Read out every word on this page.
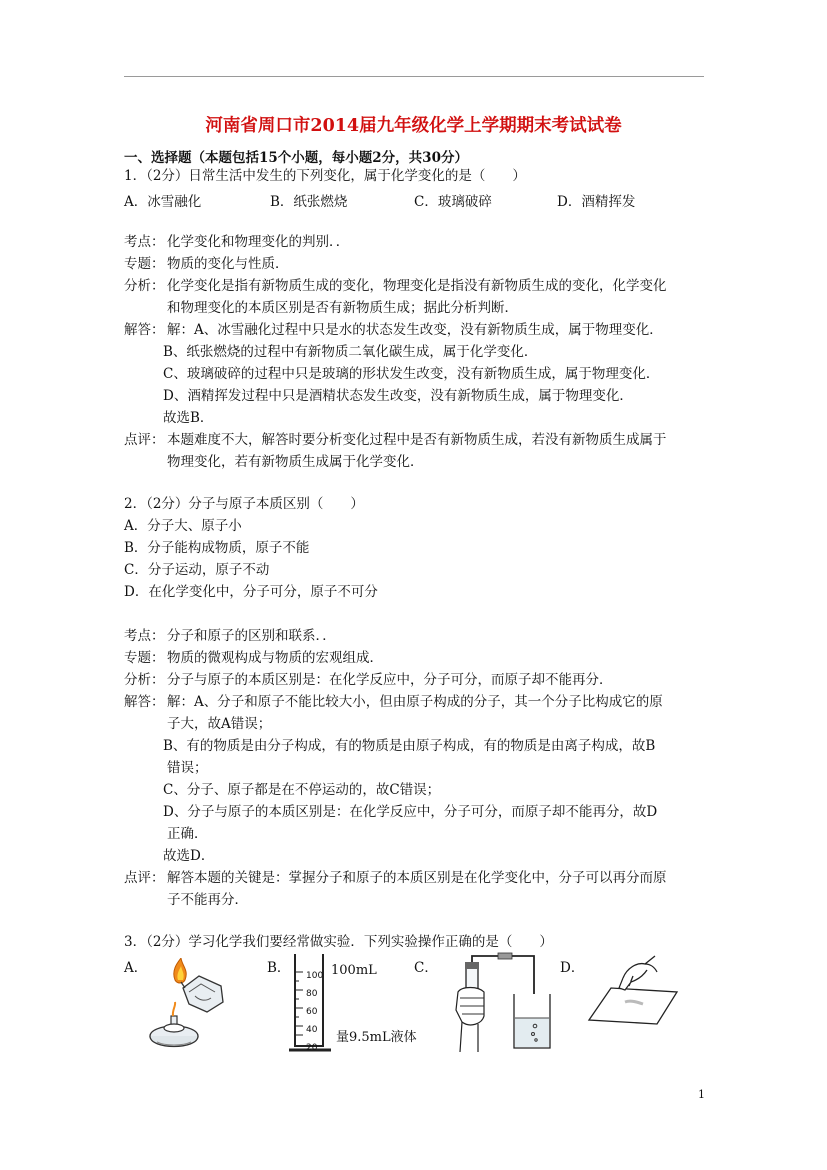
河南省周口市2014届九年级化学上学期期末考试试卷
一、选择题（本题包括15个小题，每小题2分，共30分）
1．（2分）日常生活中发生的下列变化，属于化学变化的是（　　）
A．冰雪融化	B．纸张燃烧	C．玻璃破碎	D．酒精挥发
考点： 化学变化和物理变化的判别．．
专题： 物质的变化与性质．
分析： 化学变化是指有新物质生成的变化，物理变化是指没有新物质生成的变化，化学变化
和物理变化的本质区别是否有新物质生成；据此分析判断．
解答： 解：A、冰雪融化过程中只是水的状态发生改变，没有新物质生成，属于物理变化．
B、纸张燃烧的过程中有新物质二氧化碳生成，属于化学变化．
C、玻璃破碎的过程中只是玻璃的形状发生改变，没有新物质生成，属于物理变化．
D、酒精挥发过程中只是酒精状态发生改变，没有新物质生成，属于物理变化．
故选B．
点评： 本题难度不大，解答时要分析变化过程中是否有新物质生成，若没有新物质生成属于
物理变化，若有新物质生成属于化学变化．
2．（2分）分子与原子本质区别（　　）
A．分子大、原子小
B．分子能构成物质，原子不能
C．分子运动，原子不动
D．在化学变化中，分子可分，原子不可分
考点： 分子和原子的区别和联系．．
专题： 物质的微观构成与物质的宏观组成．
分析： 分子与原子的本质区别是：在化学反应中，分子可分，而原子却不能再分．
解答： 解：A、分子和原子不能比较大小，但由原子构成的分子，其一个分子比构成它的原
子大，故A错误；
B、有的物质是由分子构成，有的物质是由原子构成，有的物质是由离子构成，故B
错误；
C、分子、原子都是在不停运动的，故C错误；
D、分子与原子的本质区别是：在化学反应中，分子可分，而原子却不能再分，故D
正确．
故选D．
点评： 解答本题的关键是：掌握分子和原子的本质区别是在化学变化中，分子可以再分而原
子不能再分．
3．（2分）学习化学我们要经常做实验．下列实验操作正确的是（　　）
A．	B．	C．	D．
100
80
60
40
20
100mL
量9.5mL液体
1
